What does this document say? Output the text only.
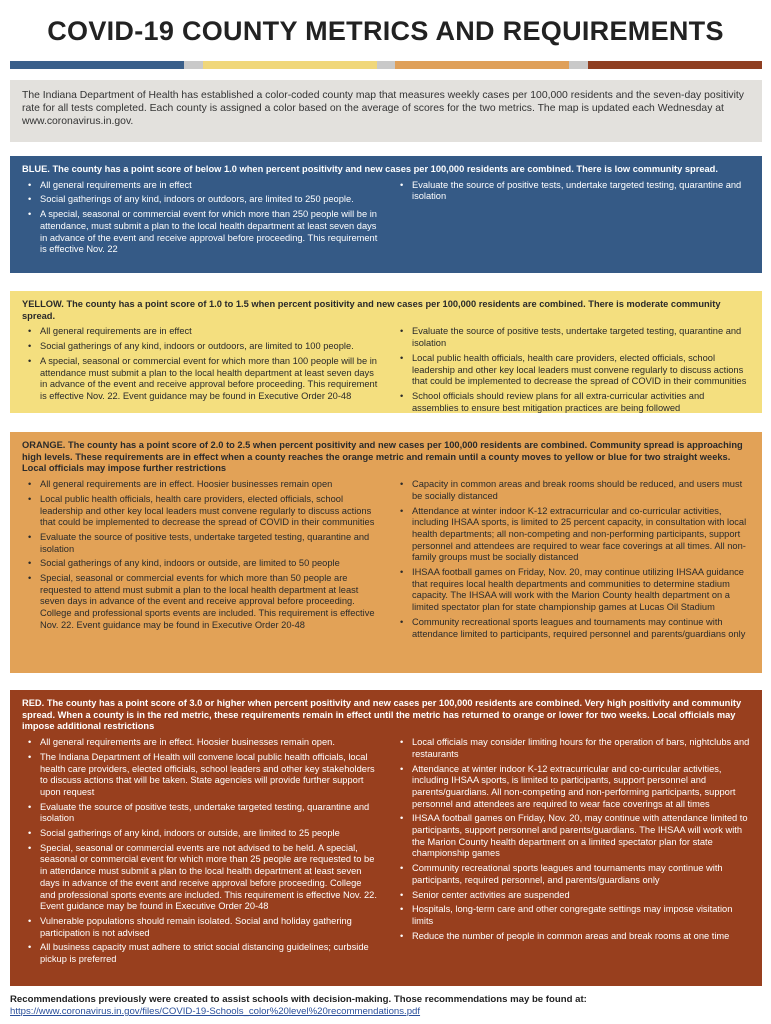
COVID-19 COUNTY METRICS AND REQUIREMENTS
The Indiana Department of Health has established a color-coded county map that measures weekly cases per 100,000 residents and the seven-day positivity rate for all tests completed. Each county is assigned a color based on the average of scores for the two metrics. The map is updated each Wednesday at www.coronavirus.in.gov.
BLUE. The county has a point score of below 1.0 when percent positivity and new cases per 100,000 residents are combined. There is low community spread.
• All general requirements are in effect
• Social gatherings of any kind, indoors or outdoors, are limited to 250 people.
• A special, seasonal or commercial event for which more than 250 people will be in attendance, must submit a plan to the local health department at least seven days in advance of the event and receive approval before proceeding. This requirement is effective Nov. 22
• Evaluate the source of positive tests, undertake targeted testing, quarantine and isolation
YELLOW. The county has a point score of 1.0 to 1.5 when percent positivity and new cases per 100,000 residents are combined. There is moderate community spread.
• All general requirements are in effect
• Social gatherings of any kind, indoors or outdoors, are limited to 100 people.
• A special, seasonal or commercial event for which more than 100 people will be in attendance must submit a plan to the local health department at least seven days in advance of the event and receive approval before proceeding. This requirement is effective Nov. 22. Event guidance may be found in Executive Order 20-48
• Evaluate the source of positive tests, undertake targeted testing, quarantine and isolation
• Local public health officials, health care providers, elected officials, school leadership and other key local leaders must convene regularly to discuss actions that could be implemented to decrease the spread of COVID in their communities
• School officials should review plans for all extra-curricular activities and assemblies to ensure best mitigation practices are being followed
ORANGE. The county has a point score of 2.0 to 2.5 when percent positivity and new cases per 100,000 residents are combined. Community spread is approaching high levels. These requirements are in effect when a county reaches the orange metric and remain until a county moves to yellow or blue for two straight weeks. Local officials may impose further restrictions
• All general requirements are in effect. Hoosier businesses remain open
• Local public health officials, health care providers, elected officials, school leadership and other key local leaders must convene regularly to discuss actions that could be implemented to decrease the spread of COVID in their communities
• Evaluate the source of positive tests, undertake targeted testing, quarantine and isolation
• Social gatherings of any kind, indoors or outside, are limited to 50 people
• Special, seasonal or commercial events for which more than 50 people are requested to attend must submit a plan to the local health department at least seven days in advance of the event and receive approval before proceeding. College and professional sports events are included. This requirement is effective Nov. 22. Event guidance may be found in Executive Order 20-48
• Capacity in common areas and break rooms should be reduced, and users must be socially distanced
• Attendance at winter indoor K-12 extracurricular and co-curricular activities, including IHSAA sports, is limited to 25 percent capacity, in consultation with local health departments; all non-competing and non-performing participants, support personnel and attendees are required to wear face coverings at all times. All non-family groups must be socially distanced
• IHSAA football games on Friday, Nov. 20, may continue utilizing IHSAA guidance that requires local health departments and communities to determine stadium capacity. The IHSAA will work with the Marion County health department on a limited spectator plan for state championship games at Lucas Oil Stadium
• Community recreational sports leagues and tournaments may continue with attendance limited to participants, required personnel and parents/guardians only
RED. The county has a point score of 3.0 or higher when percent positivity and new cases per 100,000 residents are combined. Very high positivity and community spread. When a county is in the red metric, these requirements remain in effect until the metric has returned to orange or lower for two weeks. Local officials may impose additional restrictions
• All general requirements are in effect. Hoosier businesses remain open.
• The Indiana Department of Health will convene local public health officials, local health care providers, elected officials, school leaders and other key stakeholders to discuss actions that will be taken. State agencies will provide further support upon request
• Evaluate the source of positive tests, undertake targeted testing, quarantine and isolation
• Social gatherings of any kind, indoors or outside, are limited to 25 people
• Special, seasonal or commercial events are not advised to be held. A special, seasonal or commercial event for which more than 25 people are requested to be in attendance must submit a plan to the local health department at least seven days in advance of the event and receive approval before proceeding. College and professional sports events are included. This requirement is effective Nov. 22. Event guidance may be found in Executive Order 20-48
• Vulnerable populations should remain isolated. Social and holiday gathering participation is not advised
• All business capacity must adhere to strict social distancing guidelines; curbside pickup is preferred
• Local officials may consider limiting hours for the operation of bars, nightclubs and restaurants
• Attendance at winter indoor K-12 extracurricular and co-curricular activities, including IHSAA sports, is limited to participants, support personnel and parents/guardians. All non-competing and non-performing participants, support personnel and attendees are required to wear face coverings at all times
• IHSAA football games on Friday, Nov. 20, may continue with attendance limited to participants, support personnel and parents/guardians. The IHSAA will work with the Marion County health department on a limited spectator plan for state championship games
• Community recreational sports leagues and tournaments may continue with participants, required personnel, and parents/guardians only
• Senior center activities are suspended
• Hospitals, long-term care and other congregate settings may impose visitation limits
• Reduce the number of people in common areas and break rooms at one time
Recommendations previously were created to assist schools with decision-making. Those recommendations may be found at:
https://www.coronavirus.in.gov/files/COVID-19-Schools_color%20level%20recommendations.pdf
